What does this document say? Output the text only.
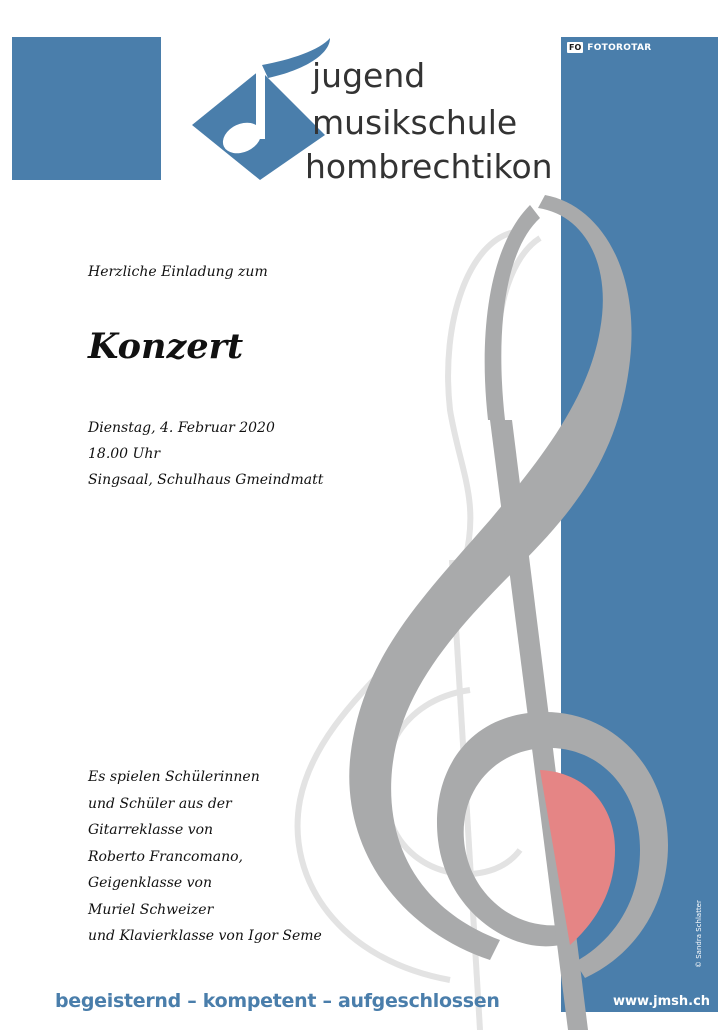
jugend
musikschule
hombrechtikon
FO FOTOROTAR
Herzliche Einladung zum
Konzert
Dienstag, 4. Februar 2020
18.00 Uhr
Singsaal, Schulhaus Gmeindmatt
Es spielen Schülerinnen
und Schüler aus der
Gitarreklasse von
Roberto Francomano,
Geigenklasse von
Muriel Schweizer
und Klavierklasse von Igor Seme
begeisternd – kompetent – aufgeschlossen	www.jmsh.ch
© Sandra Schlatter
